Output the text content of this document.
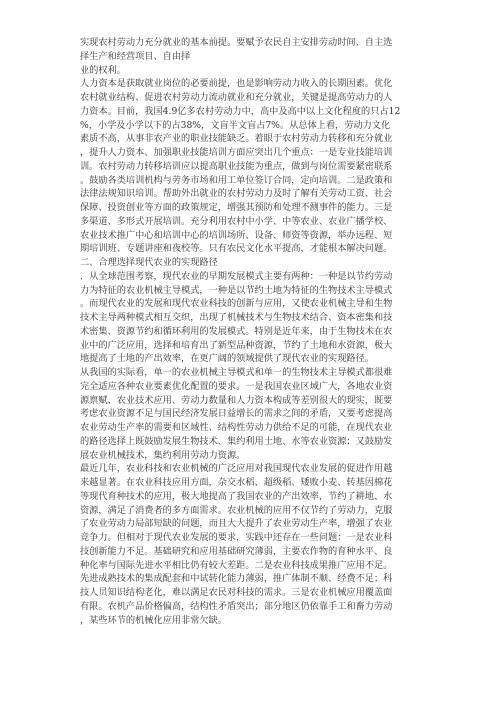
实现农村劳动力充分就业的基本前提。要赋予农民自主安排劳动时间、自主选
择生产和经营项目、自由择
业的权利。
人力资本是获取就业岗位的必要前提，也是影响劳动力收入的长期因素。优化
农村就业结构、促进农村劳动力流动就业和充分就业，关键是提高劳动力的人
力资本。目前，我国4.9亿多农村劳动力中，高中及高中以上文化程度的只占12
%，小学及小学以下的占38%，文盲半文盲占7%。从总体上看，劳动力文化
素质不高，从事非农产业的职业技能缺乏。着眼于农村劳动力转移和充分就业
，提升人力资本、加强职业技能培训方面应突出几个重点：一是专业技能培训
训。农村劳动力转移培训应以提高职业技能为重点，做到与岗位需要紧密联系
。鼓励各类培训机构与劳务市场和用工单位签订合同，定向培训。二是政策和
法律法规知识培训。帮助外出就业的农村劳动力及时了解有关劳动工资、社会
保障、投资创业等方面的政策规定，增强其预防和处理不测事件的能力。三是
多渠道、多形式开展培训。充分利用农村中小学、中等农业、农业广播学校、
农业技术推广中心和培训中心的培训场所、设备、师资等资源，举办远程、短
期培训班、专题讲座和夜校等。只有农民文化水平提高，才能根本解决问题。
二、合理选择现代农业的实现路径
．从全球范围考察，现代农业的早期发展模式主要有两种：一种是以节约劳动
力为特征的农业机械主导模式，一种是以节约土地为特征的生物技术主导模式
。而现代农业的发展和现代农业科技的创新与应用，又使农业机械主导和生物
技术主导两种模式相互交织，出现了机械技术与生物技术结合、资本密集和技
术密集、资源节约和循环利用的发展模式。特别是近年来，由于生物技术在农
业中的广泛应用，选择和培育出了新型品种资源，节约了土地和水资源，极大
地提高了土地的产出效率，在更广阔的领域提供了现代农业的实现路径。
从我国的实际看，单一的农业机械主导模式和单一的生物技术主导模式都很难
完全适应各种农业要素优化配置的要求。一是我国农业区域广大，各地农业资
源禀赋、农业技术应用、劳动力数量和人力资本构成等差别很大的现实，既要
考虑农业资源不足与国民经济发展日益增长的需求之间的矛盾，又要考虑提高
农业劳动生产率的需要和区域性、结构性劳动力供给不足的可能，在现代农业
的路径选择上既鼓励发展生物技术、集约利用土地、水等农业资源；又鼓励发
展农业机械技术，集约利用劳动力资源。
最近几年，农业科技和农业机械的广泛应用对我国现代农业发展的促进作用越
来越显著。在农业科技应用方面，杂交水稻、超级稻、矮败小麦、转基因棉花
等现代育种技术的应用，极大地提高了我国农业的产出效率，节约了耕地、水
资源，满足了消费者的多方面需求。农业机械的应用不仅节约了劳动力，克服
了农业劳动力局部短缺的问题，而且大大提升了农业劳动生产率，增强了农业
竞争力。但相对于现代农业发展的要求，实践中还存在一些问题：一是农业科
技创新能力不足。基础研究和应用基础研究薄弱，主要农作物的育种水平、良
种化率与国际先进水平相比仍有较大差距。二是农业科技成果推广应用不足。
先进成熟技术的集成配套和中试转化能力薄弱，推广体制不顺、经费不足；科
技人员知识结构老化，难以满足农民对科技的需求。三是农业机械应用覆盖面
有限。农机产品价格偏高，结构性矛盾突出；部分地区仍依靠手工和畜力劳动
，某些环节的机械化应用非常欠缺。
